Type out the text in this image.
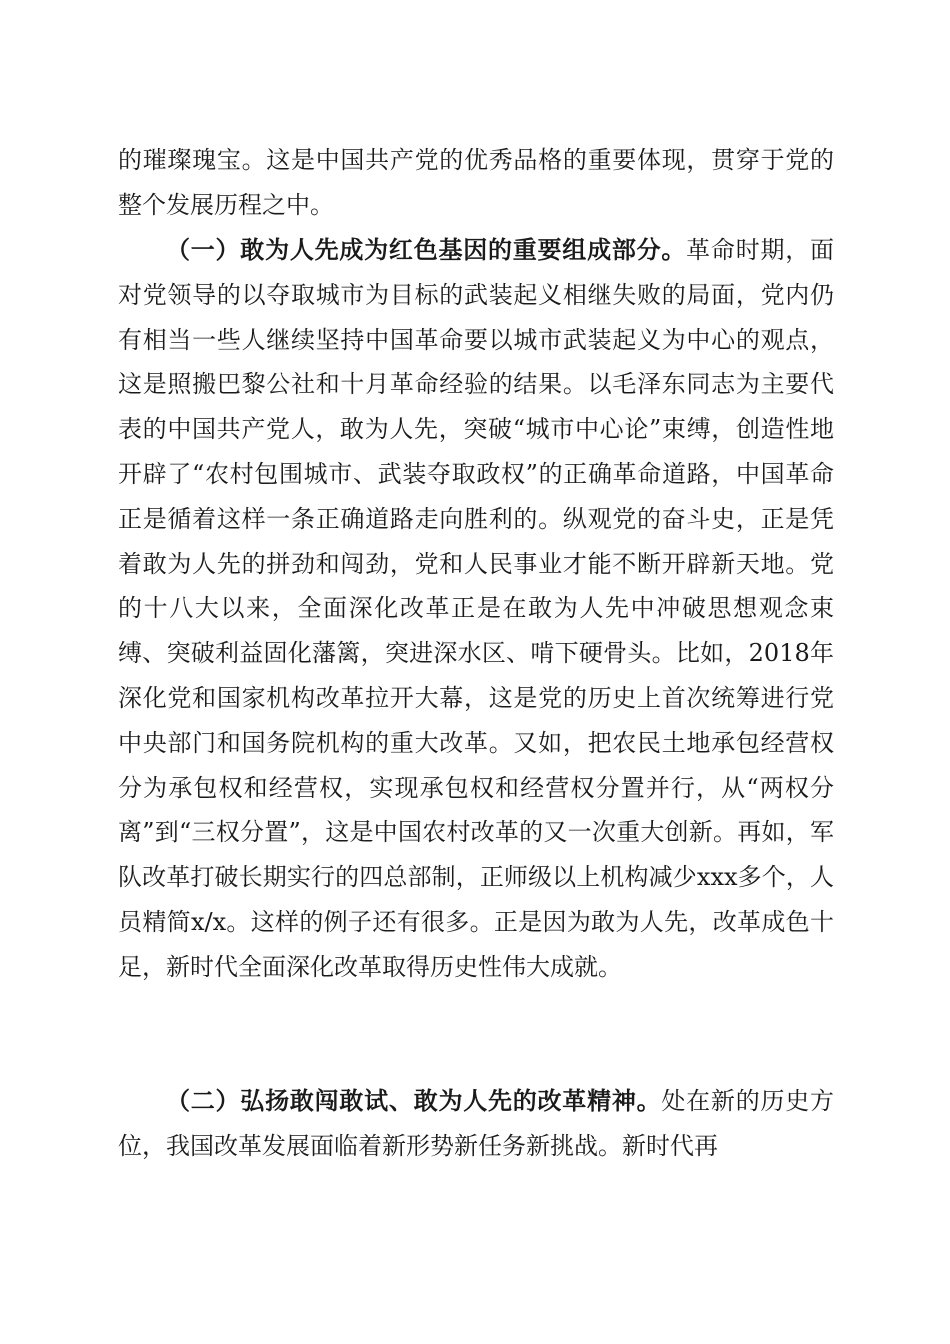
的璀璨瑰宝。这是中国共产党的优秀品格的重要体现，贯穿于党的整个发展历程之中。

（一）敢为人先成为红色基因的重要组成部分。革命时期，面对党领导的以夺取城市为目标的武装起义相继失败的局面，党内仍有相当一些人继续坚持中国革命要以城市武装起义为中心的观点，这是照搬巴黎公社和十月革命经验的结果。以毛泽东同志为主要代表的中国共产党人，敢为人先，突破“城市中心论”束缚，创造性地开辟了“农村包围城市、武装夺取政权”的正确革命道路，中国革命正是循着这样一条正确道路走向胜利的。纵观党的奋斗史，正是凭着敢为人先的拼劲和闯劲，党和人民事业才能不断开辟新天地。党的十八大以来，全面深化改革正是在敢为人先中冲破思想观念束缚、突破利益固化藩篱，突进深水区、啃下硬骨头。比如，2018年深化党和国家机构改革拉开大幕，这是党的历史上首次统筹进行党中央部门和国务院机构的重大改革。又如，把农民土地承包经营权分为承包权和经营权，实现承包权和经营权分置并行，从“两权分离”到“三权分置”，这是中国农村改革的又一次重大创新。再如，军队改革打破长期实行的四总部制，正师级以上机构减少xxx多个，人员精简x/x。这样的例子还有很多。正是因为敢为人先，改革成色十足，新时代全面深化改革取得历史性伟大成就。

（二）弘扬敢闯敢试、敢为人先的改革精神。处在新的历史方位，我国改革发展面临着新形势新任务新挑战。新时代再
